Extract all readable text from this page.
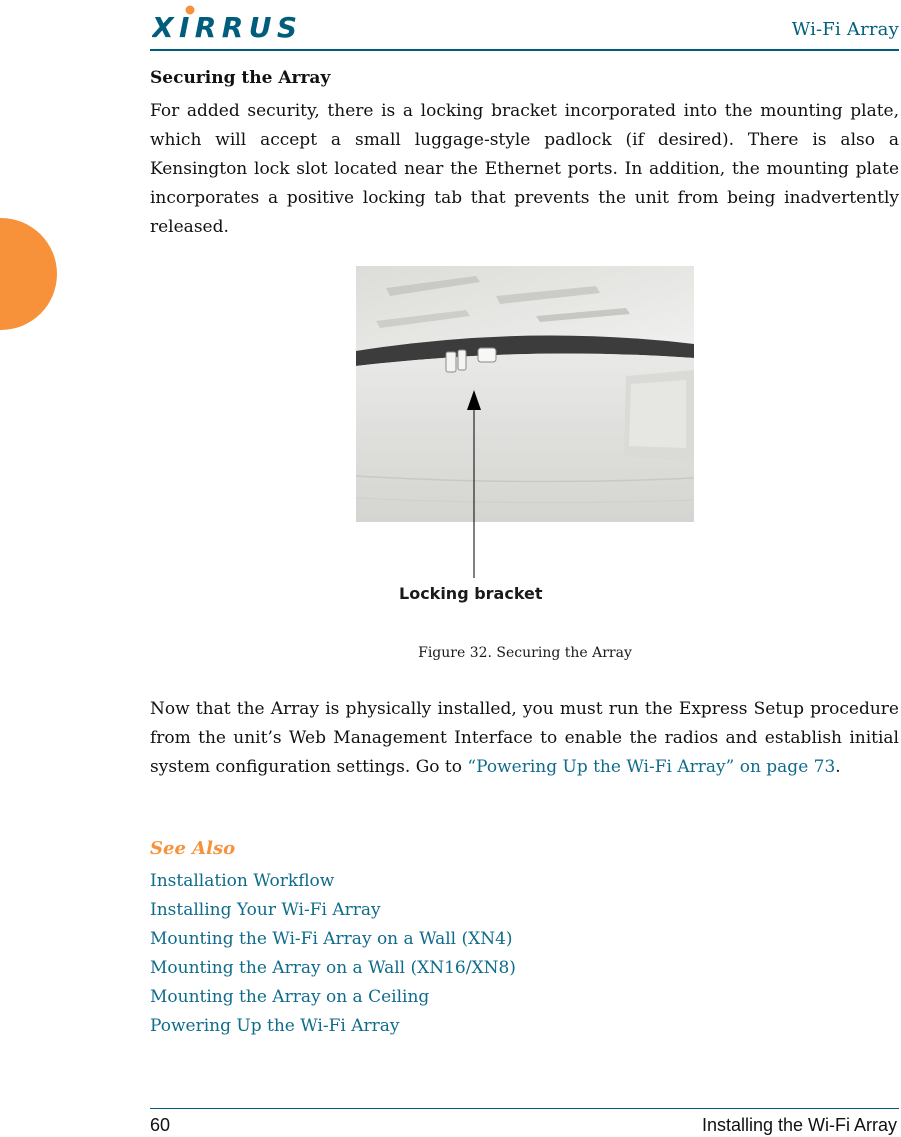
XIRRUS	Wi-Fi Array
Securing the Array
For added security, there is a locking bracket incorporated into the mounting plate, which will accept a small luggage-style padlock (if desired). There is also a Kensington lock slot located near the Ethernet ports. In addition, the mounting plate incorporates a positive locking tab that prevents the unit from being inadvertently released.
Locking bracket
Figure 32. Securing the Array
Now that the Array is physically installed, you must run the Express Setup procedure from the unit’s Web Management Interface to enable the radios and establish initial system configuration settings. Go to “Powering Up the Wi-Fi Array” on page 73.
See Also
Installation Workflow
Installing Your Wi-Fi Array
Mounting the Wi-Fi Array on a Wall (XN4)
Mounting the Array on a Wall (XN16/XN8)
Mounting the Array on a Ceiling
Powering Up the Wi-Fi Array
60	Installing the Wi-Fi Array
